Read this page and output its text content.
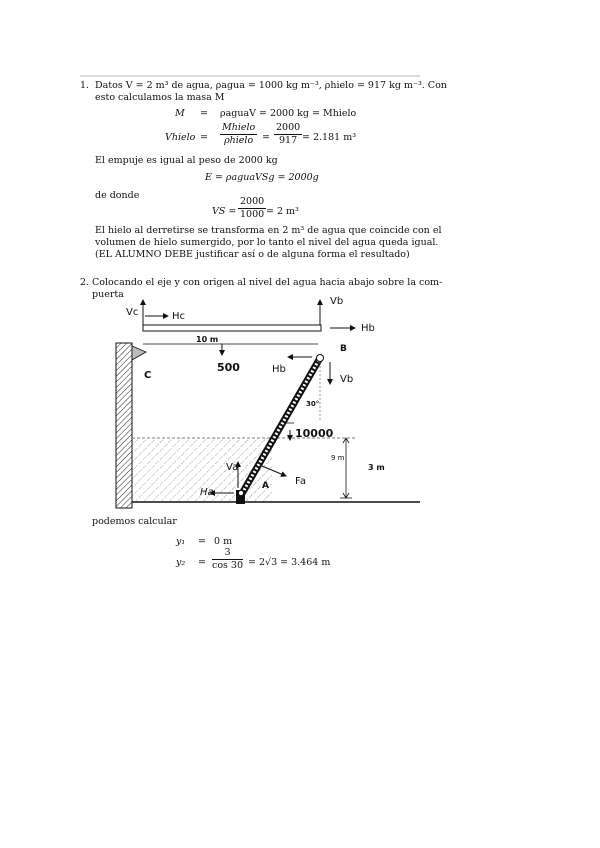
1. Datos V = 2 m³ de agua, ρagua = 1000 kg m⁻³, ρhielo = 917 kg m⁻³. Con
esto calculamos la masa M
M = ρaguaV = 2000 kg = Mhielo
Vhielo = $\frac{\text{Mhielo}}{\text{ρhielo}} = \frac{2000}{917} = 2.181$ m³
El empuje es igual al peso de 2000 kg
E = ρaguaVSg = 2000g
de donde
VS = $\frac{2000}{1000} = 2$ m³
El hielo al derretirse se transforma en 2 m³ de agua que coincide con el
volumen de hielo sumergido, por lo tanto el nivel del agua queda igual.
(EL ALUMNO DEBE justificar así o de alguna forma el resultado)
2. Colocando el eje y con origen al nivel del agua hacia abajo sobre la com-
puerta
Vc	Hc
Vb
Hb
10 m
C
500
B
Hb
Vb
30°
10000
9 m
3 m
Va
Ha
A	Fa
podemos calcular
y₁ = 0 m
$y_2 = \frac{3}{\cos 30} = 2√3 = 3.464$ m
